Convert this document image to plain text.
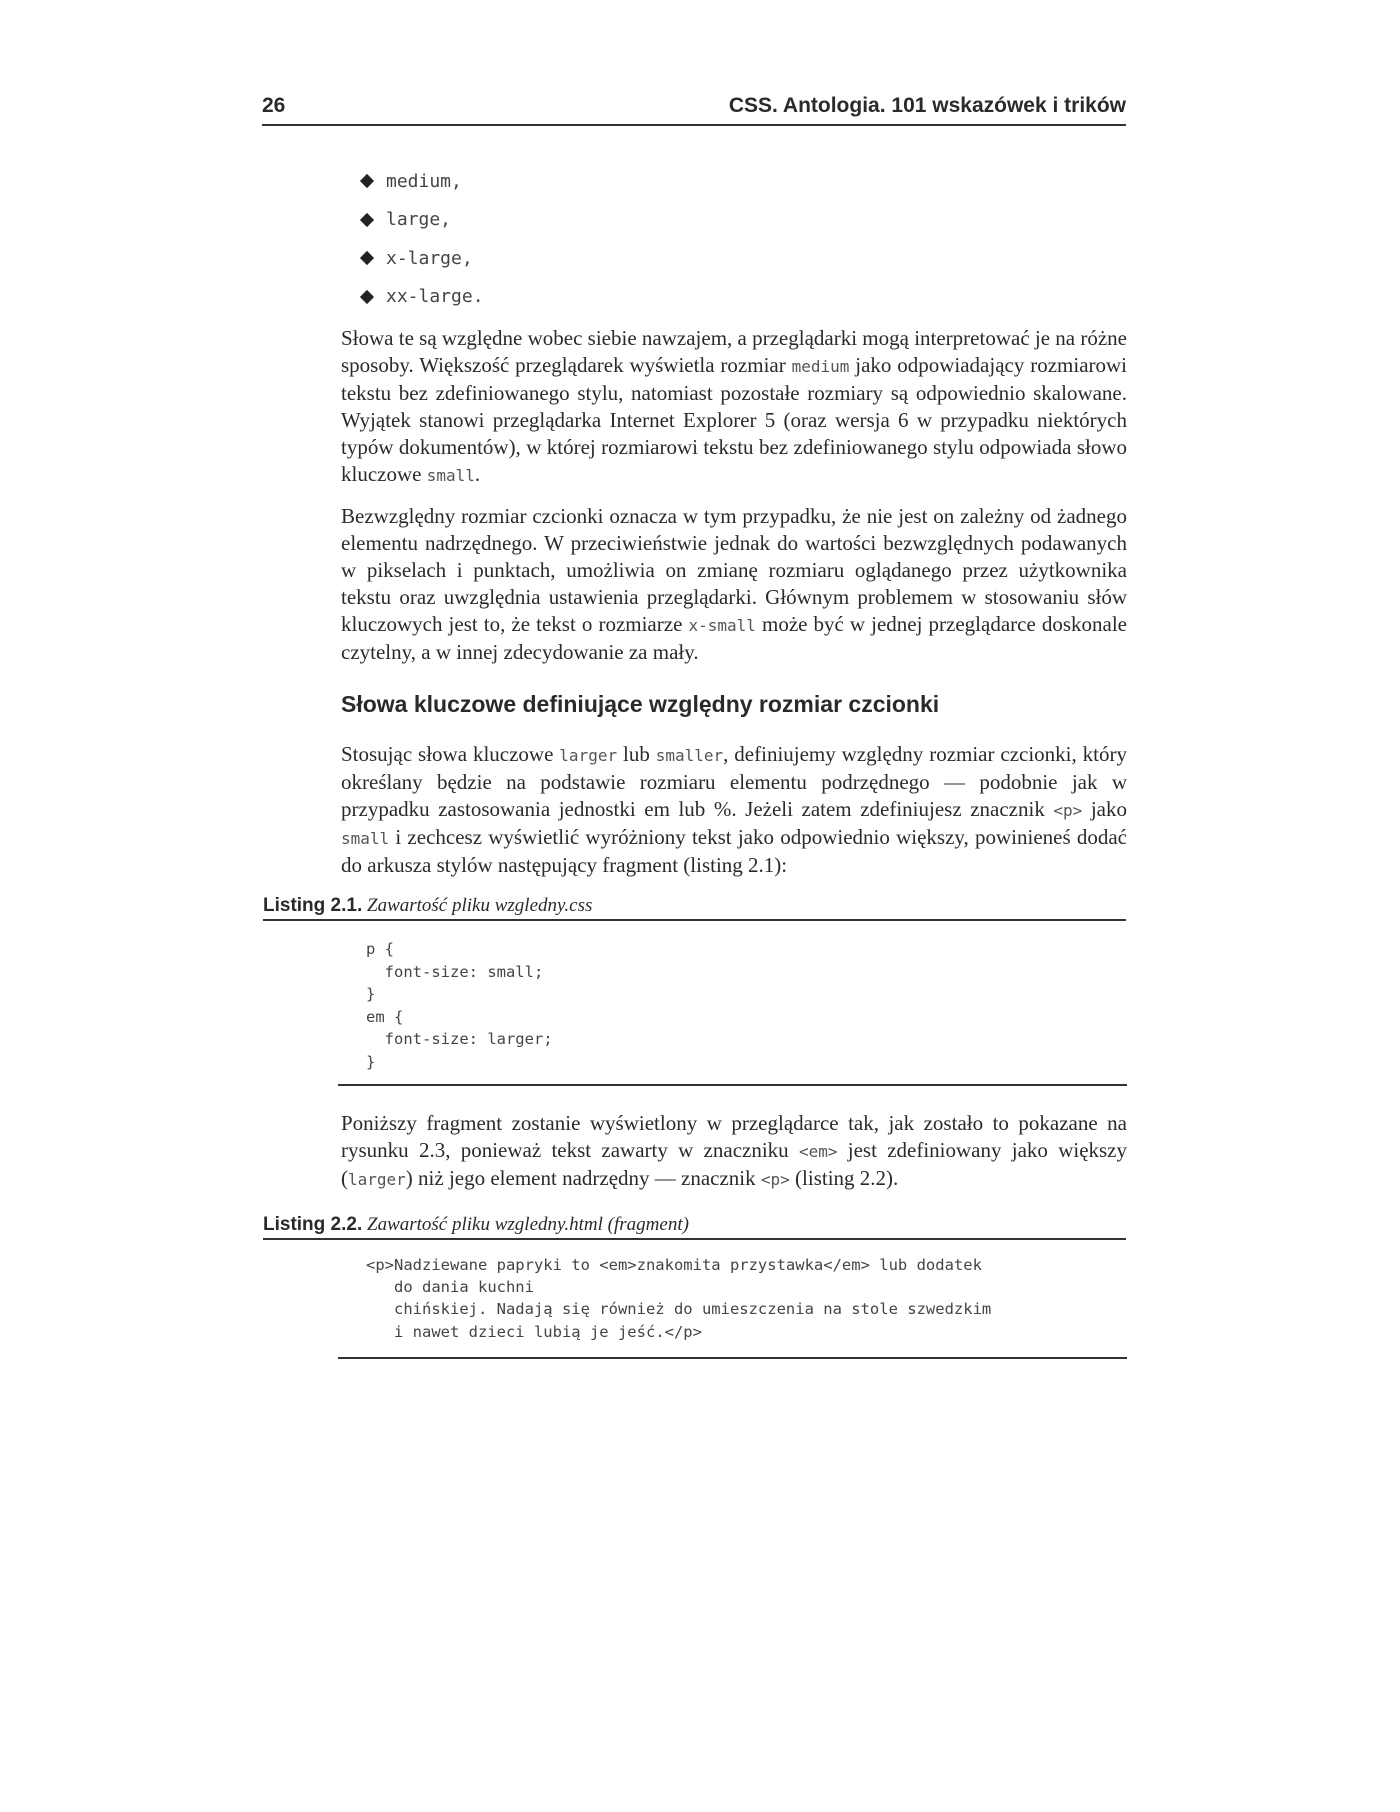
26	CSS. Antologia. 101 wskazówek i trików
medium,
large,
x-large,
xx-large.

Słowa te są względne wobec siebie nawzajem, a przeglądarki mogą interpretować je na różne sposoby. Większość przeglądarek wyświetla rozmiar medium jako odpowiadający rozmiarowi tekstu bez zdefiniowanego stylu, natomiast pozostałe rozmiary są odpowiednio skalowane. Wyjątek stanowi przeglądarka Internet Explorer 5 (oraz wersja 6 w przypadku niektórych typów dokumentów), w której rozmiarowi tekstu bez zdefiniowanego stylu odpowiada słowo kluczowe small.

Bezwzględny rozmiar czcionki oznacza w tym przypadku, że nie jest on zależny od żadnego elementu nadrzędnego. W przeciwieństwie jednak do wartości bezwzględnych podawanych w pikselach i punktach, umożliwia on zmianę rozmiaru oglądanego przez użytkownika tekstu oraz uwzględnia ustawienia przeglądarki. Głównym problemem w stosowaniu słów kluczowych jest to, że tekst o rozmiarze x-small może być w jednej przeglądarce doskonale czytelny, a w innej zdecydowanie za mały.

Słowa kluczowe definiujące względny rozmiar czcionki

Stosując słowa kluczowe larger lub smaller, definiujemy względny rozmiar czcionki, który określany będzie na podstawie rozmiaru elementu podrzędnego — podobnie jak w przypadku zastosowania jednostki em lub %. Jeżeli zatem zdefiniujesz znacznik <p> jako small i zechcesz wyświetlić wyróżniony tekst jako odpowiednio większy, powinieneś dodać do arkusza stylów następujący fragment (listing 2.1):

Listing 2.1. Zawartość pliku wzgledny.css
p {
font-size: small;
}
em {
font-size: larger;
}

Poniższy fragment zostanie wyświetlony w przeglądarce tak, jak zostało to pokazane na rysunku 2.3, ponieważ tekst zawarty w znaczniku <em> jest zdefiniowany jako większy (larger) niż jego element nadrzędny — znacznik <p> (listing 2.2).

Listing 2.2. Zawartość pliku wzgledny.html (fragment)
<p>Nadziewane papryki to <em>znakomita przystawka</em> lub dodatek
do dania kuchni
chińskiej. Nadają się również do umieszczenia na stole szwedzkim
i nawet dzieci lubią je jeść.</p>
